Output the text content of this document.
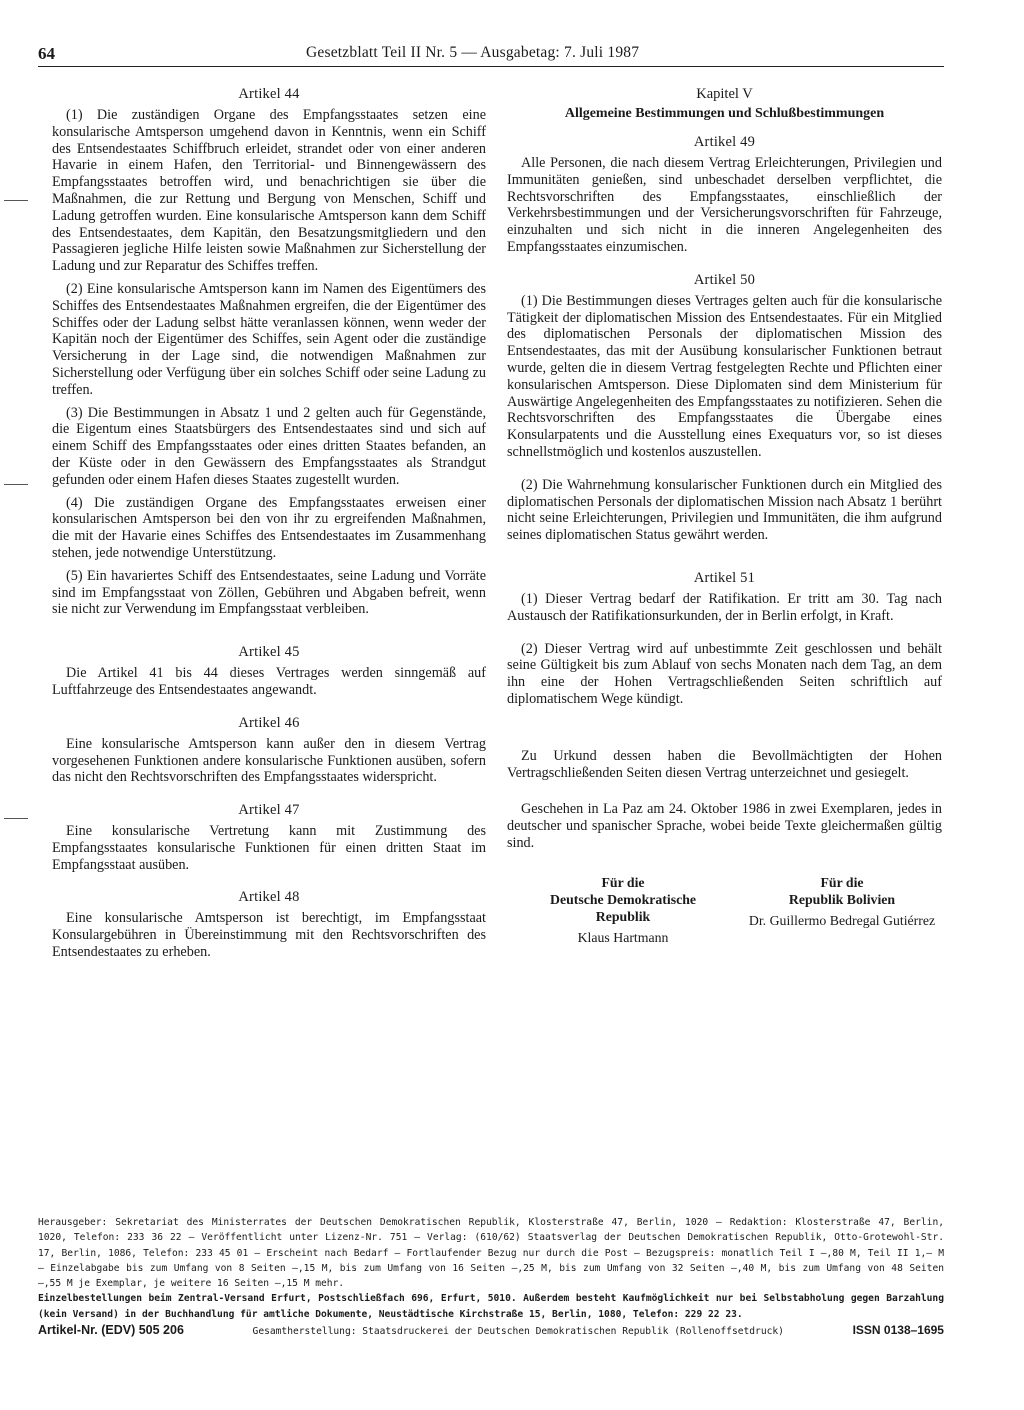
64	Gesetzblatt Teil II Nr. 5 — Ausgabetag: 7. Juli 1987
Artikel 44

(1) Die zuständigen Organe des Empfangsstaates setzen eine konsularische Amtsperson umgehend davon in Kenntnis, wenn ein Schiff des Entsendestaates Schiffbruch erleidet, strandet oder von einer anderen Havarie in einem Hafen, den Territorial- und Binnengewässern des Empfangsstaates betroffen wird, und benachrichtigen sie über die Maßnahmen, die zur Rettung und Bergung von Menschen, Schiff und Ladung getroffen wurden. Eine konsularische Amtsperson kann dem Schiff des Entsendestaates, dem Kapitän, den Besatzungsmitgliedern und den Passagieren jegliche Hilfe leisten sowie Maßnahmen zur Sicherstellung der Ladung und zur Reparatur des Schiffes treffen.

(2) Eine konsularische Amtsperson kann im Namen des Eigentümers des Schiffes des Entsendestaates Maßnahmen ergreifen, die der Eigentümer des Schiffes oder der Ladung selbst hätte veranlassen können, wenn weder der Kapitän noch der Eigentümer des Schiffes, sein Agent oder die zuständige Versicherung in der Lage sind, die notwendigen Maßnahmen zur Sicherstellung oder Verfügung über ein solches Schiff oder seine Ladung zu treffen.

(3) Die Bestimmungen in Absatz 1 und 2 gelten auch für Gegenstände, die Eigentum eines Staatsbürgers des Entsendestaates sind und sich auf einem Schiff des Empfangsstaates oder eines dritten Staates befanden, an der Küste oder in den Gewässern des Empfangsstaates als Strandgut gefunden oder einem Hafen dieses Staates zugestellt wurden.

(4) Die zuständigen Organe des Empfangsstaates erweisen einer konsularischen Amtsperson bei den von ihr zu ergreifenden Maßnahmen, die mit der Havarie eines Schiffes des Entsendestaates im Zusammenhang stehen, jede notwendige Unterstützung.

(5) Ein havariertes Schiff des Entsendestaates, seine Ladung und Vorräte sind im Empfangsstaat von Zöllen, Gebühren und Abgaben befreit, wenn sie nicht zur Verwendung im Empfangsstaat verbleiben.

Artikel 45

Die Artikel 41 bis 44 dieses Vertrages werden sinngemäß auf Luftfahrzeuge des Entsendestaates angewandt.

Artikel 46

Eine konsularische Amtsperson kann außer den in diesem Vertrag vorgesehenen Funktionen andere konsularische Funktionen ausüben, sofern das nicht den Rechtsvorschriften des Empfangsstaates widerspricht.

Artikel 47

Eine konsularische Vertretung kann mit Zustimmung des Empfangsstaates konsularische Funktionen für einen dritten Staat im Empfangsstaat ausüben.

Artikel 48

Eine konsularische Amtsperson ist berechtigt, im Empfangsstaat Konsulargebühren in Übereinstimmung mit den Rechtsvorschriften des Entsendestaates zu erheben.

Kapitel V
Allgemeine Bestimmungen und Schlußbestimmungen
Artikel 49

Alle Personen, die nach diesem Vertrag Erleichterungen, Privilegien und Immunitäten genießen, sind unbeschadet derselben verpflichtet, die Rechtsvorschriften des Empfangsstaates, einschließlich der Verkehrsbestimmungen und der Versicherungsvorschriften für Fahrzeuge, einzuhalten und sich nicht in die inneren Angelegenheiten des Empfangsstaates einzumischen.

Artikel 50

(1) Die Bestimmungen dieses Vertrages gelten auch für die konsularische Tätigkeit der diplomatischen Mission des Entsendestaates. Für ein Mitglied des diplomatischen Personals der diplomatischen Mission des Entsendestaates, das mit der Ausübung konsularischer Funktionen betraut wurde, gelten die in diesem Vertrag festgelegten Rechte und Pflichten einer konsularischen Amtsperson. Diese Diplomaten sind dem Ministerium für Auswärtige Angelegenheiten des Empfangsstaates zu notifizieren. Sehen die Rechtsvorschriften des Empfangsstaates die Übergabe eines Konsularpatents und die Ausstellung eines Exequaturs vor, so ist dieses schnellstmöglich und kostenlos auszustellen.

(2) Die Wahrnehmung konsularischer Funktionen durch ein Mitglied des diplomatischen Personals der diplomatischen Mission nach Absatz 1 berührt nicht seine Erleichterungen, Privilegien und Immunitäten, die ihm aufgrund seines diplomatischen Status gewährt werden.

Artikel 51

(1) Dieser Vertrag bedarf der Ratifikation. Er tritt am 30. Tag nach Austausch der Ratifikationsurkunden, der in Berlin erfolgt, in Kraft.

(2) Dieser Vertrag wird auf unbestimmte Zeit geschlossen und behält seine Gültigkeit bis zum Ablauf von sechs Monaten nach dem Tag, an dem ihn eine der Hohen Vertragschließenden Seiten schriftlich auf diplomatischem Wege kündigt.

Zu Urkund dessen haben die Bevollmächtigten der Hohen Vertragschließenden Seiten diesen Vertrag unterzeichnet und gesiegelt.

Geschehen in La Paz am 24. Oktober 1986 in zwei Exemplaren, jedes in deutscher und spanischer Sprache, wobei beide Texte gleichermaßen gültig sind.

Für die
Deutsche Demokratische Republik
Klaus Hartmann
Für die
Republik Bolivien
Dr. Guillermo Bedregal Gutiérrez
Herausgeber: Sekretariat des Ministerrates der Deutschen Demokratischen Republik, Klosterstraße 47, Berlin, 1020 – Redaktion: Klosterstraße 47, Berlin, 1020, Telefon: 233 36 22 – Veröffentlicht unter Lizenz-Nr. 751 – Verlag: (610/62) Staatsverlag der Deutschen Demokratischen Republik, Otto-Grotewohl-Str. 17, Berlin, 1086, Telefon: 233 45 01 – Erscheint nach Bedarf – Fortlaufender Bezug nur durch die Post – Bezugspreis: monatlich Teil I –,80 M, Teil II 1,– M – Einzelabgabe bis zum Umfang von 8 Seiten –,15 M, bis zum Umfang von 16 Seiten –,25 M, bis zum Umfang von 32 Seiten –,40 M, bis zum Umfang von 48 Seiten –,55 M je Exemplar, je weitere 16 Seiten –,15 M mehr.
Einzelbestellungen beim Zentral-Versand Erfurt, Postschließfach 696, Erfurt, 5010. Außerdem besteht Kaufmöglichkeit nur bei Selbstabholung gegen Barzahlung (kein Versand) in der Buchhandlung für amtliche Dokumente, Neustädtische Kirchstraße 15, Berlin, 1080, Telefon: 229 22 23.
Artikel-Nr. (EDV) 505 206	Gesamtherstellung: Staatsdruckerei der Deutschen Demokratischen Republik (Rollenoffsetdruck)	ISSN 0138–1695
